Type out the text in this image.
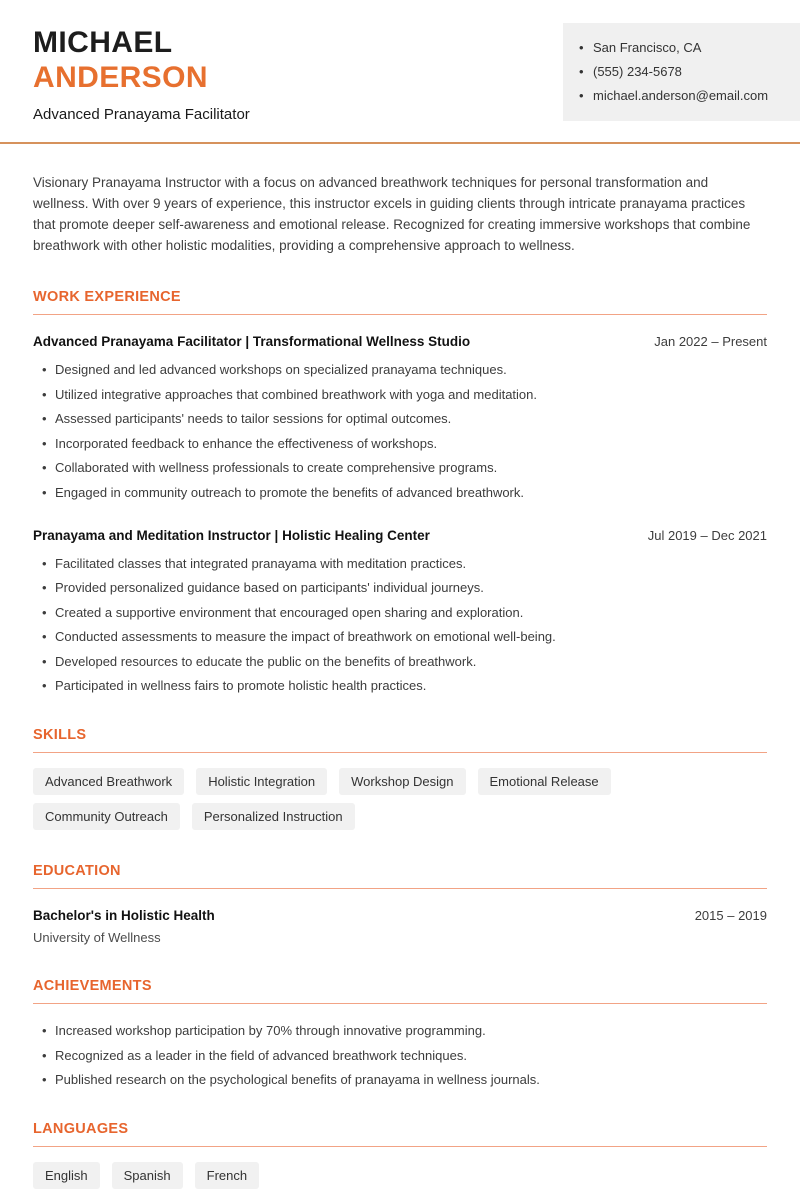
MICHAEL
ANDERSON
Advanced Pranayama Facilitator
• San Francisco, CA
• (555) 234-5678
• michael.anderson@email.com

Visionary Pranayama Instructor with a focus on advanced breathwork techniques for personal transformation and wellness. With over 9 years of experience, this instructor excels in guiding clients through intricate pranayama practices that promote deeper self-awareness and emotional release. Recognized for creating immersive workshops that combine breathwork with other holistic modalities, providing a comprehensive approach to wellness.

WORK EXPERIENCE
Advanced Pranayama Facilitator | Transformational Wellness Studio	Jan 2022 – Present
• Designed and led advanced workshops on specialized pranayama techniques.
• Utilized integrative approaches that combined breathwork with yoga and meditation.
• Assessed participants' needs to tailor sessions for optimal outcomes.
• Incorporated feedback to enhance the effectiveness of workshops.
• Collaborated with wellness professionals to create comprehensive programs.
• Engaged in community outreach to promote the benefits of advanced breathwork.
Pranayama and Meditation Instructor | Holistic Healing Center	Jul 2019 – Dec 2021
• Facilitated classes that integrated pranayama with meditation practices.
• Provided personalized guidance based on participants' individual journeys.
• Created a supportive environment that encouraged open sharing and exploration.
• Conducted assessments to measure the impact of breathwork on emotional well-being.
• Developed resources to educate the public on the benefits of breathwork.
• Participated in wellness fairs to promote holistic health practices.
SKILLS
Advanced Breathwork	Holistic Integration	Workshop Design	Emotional Release
Community Outreach	Personalized Instruction
EDUCATION
Bachelor's in Holistic Health
University of Wellness
2015 – 2019
ACHIEVEMENTS
• Increased workshop participation by 70% through innovative programming.
• Recognized as a leader in the field of advanced breathwork techniques.
• Published research on the psychological benefits of pranayama in wellness journals.
LANGUAGES
English	Spanish	French
